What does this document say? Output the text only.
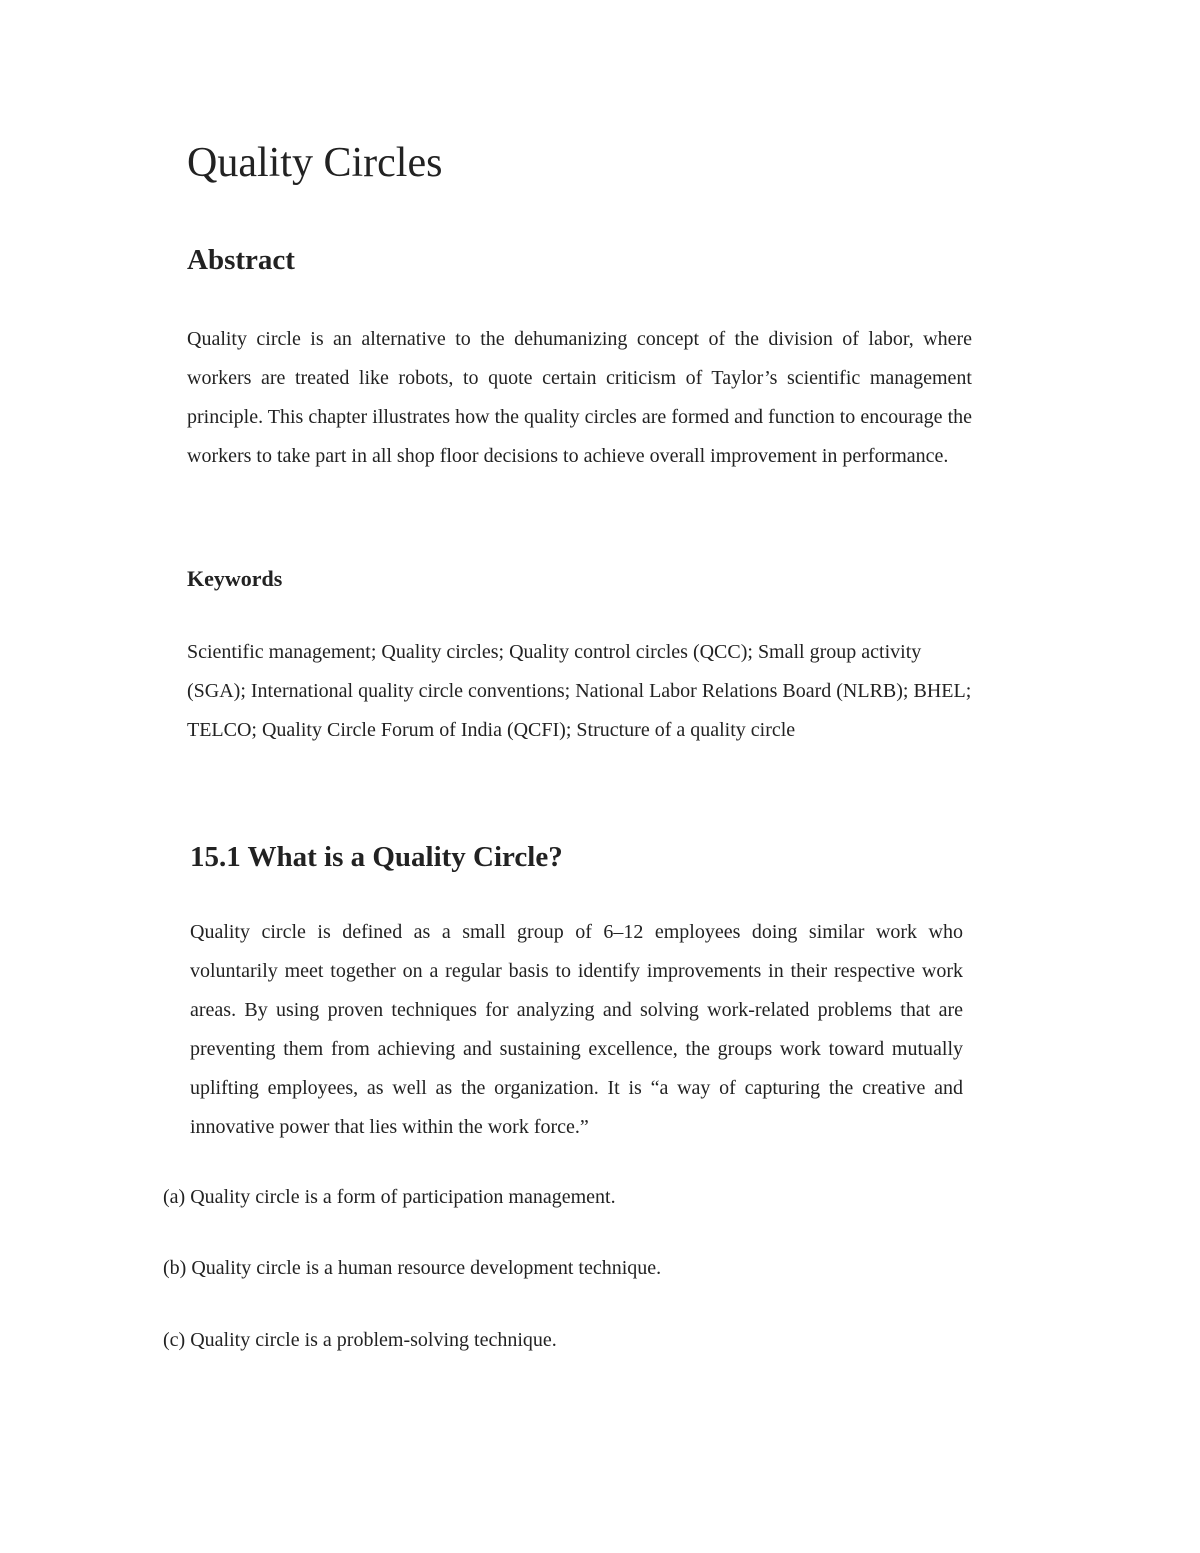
Quality Circles
Abstract

Quality circle is an alternative to the dehumanizing concept of the division of labor, where workers are treated like robots, to quote certain criticism of Taylor’s scientific management principle. This chapter illustrates how the quality circles are formed and function to encourage the workers to take part in all shop floor decisions to achieve overall improvement in performance.

Keywords

Scientific management; Quality circles; Quality control circles (QCC); Small group activity (SGA); International quality circle conventions; National Labor Relations Board (NLRB); BHEL; TELCO; Quality Circle Forum of India (QCFI); Structure of a quality circle

15.1 What is a Quality Circle?

Quality circle is defined as a small group of 6–12 employees doing similar work who voluntarily meet together on a regular basis to identify improvements in their respective work areas. By using proven techniques for analyzing and solving work-related problems that are preventing them from achieving and sustaining excellence, the groups work toward mutually uplifting employees, as well as the organization. It is “a way of capturing the creative and innovative power that lies within the work force.”

(a) Quality circle is a form of participation management.

(b) Quality circle is a human resource development technique.

(c) Quality circle is a problem-solving technique.
